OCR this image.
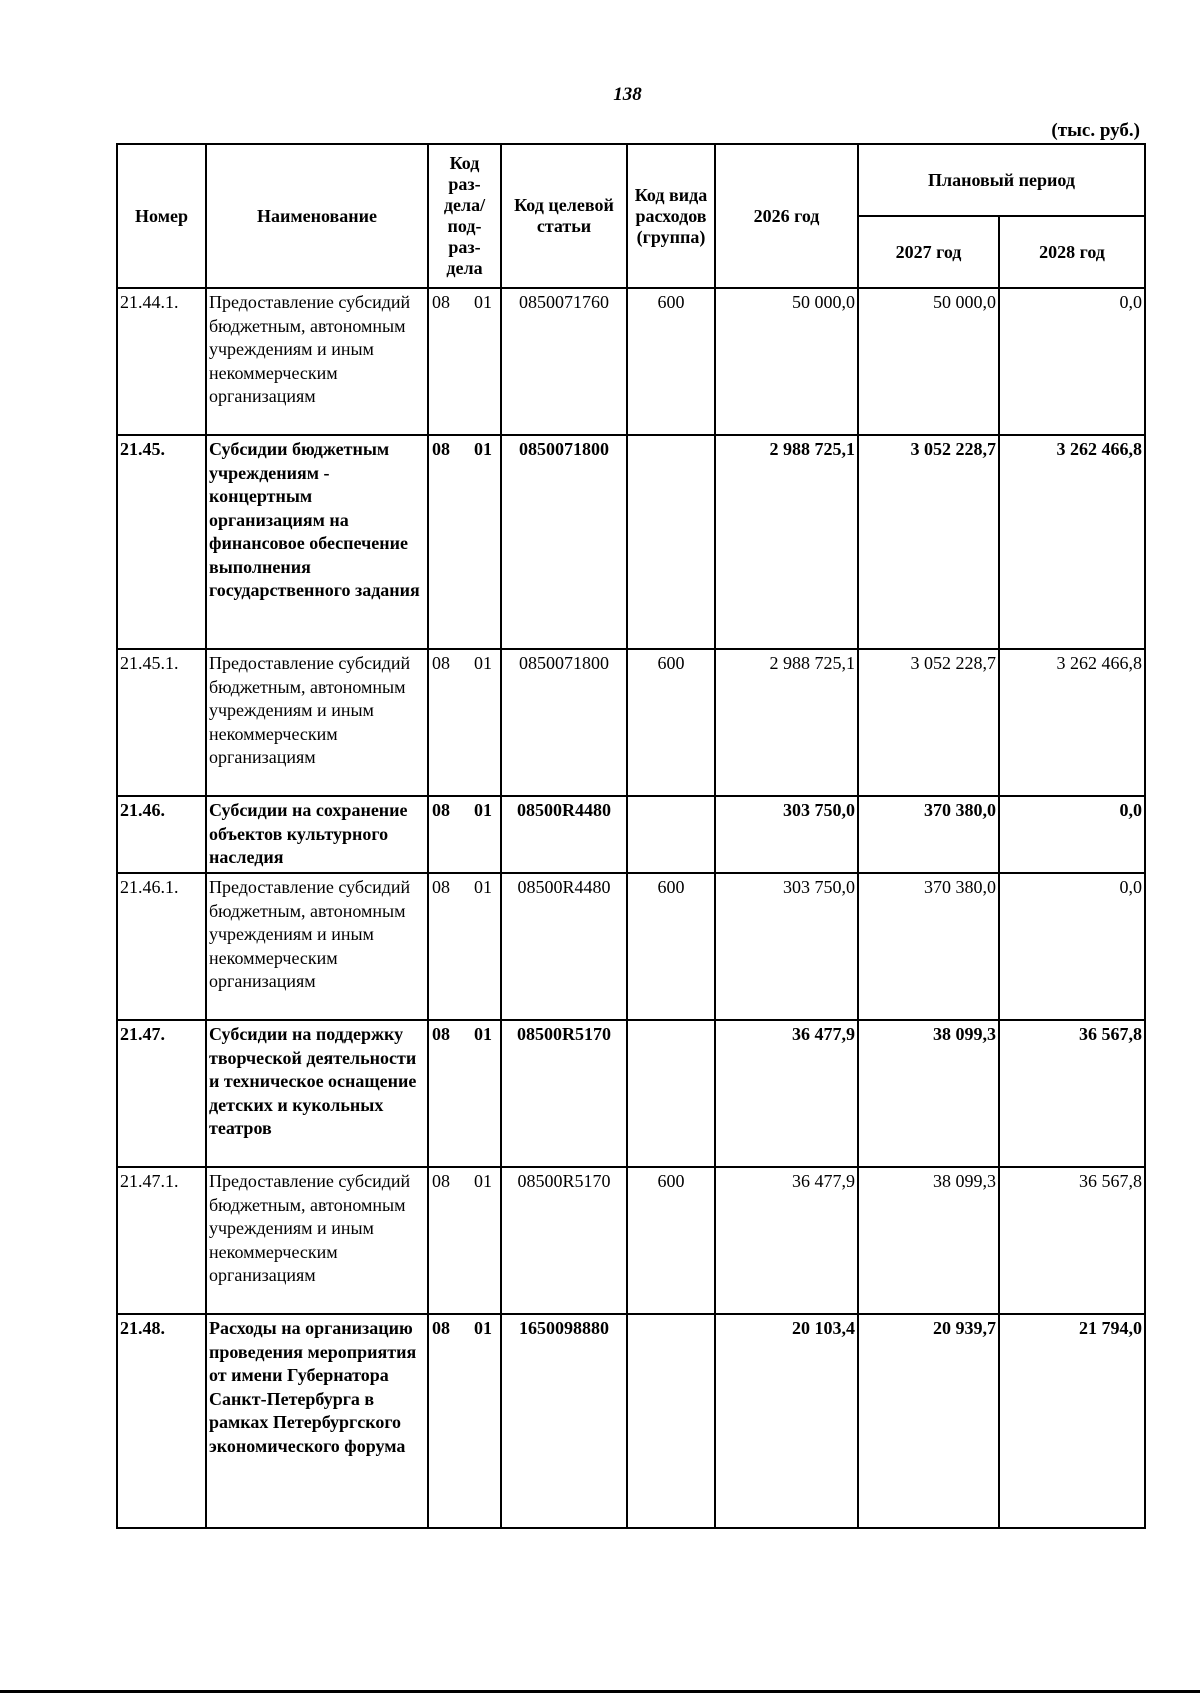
138
(тыс. руб.)
Номер	Наименование	Код раз-дела/ под-раз-дела	Код целевой статьи	Код вида расходов (группа)	2026 год	Плановый период	
						2027 год	2028 год
21.44.1.	Предоставление субсидий бюджетным, автономным учреждениям и иным некоммерческим организациям	08 01	0850071760	600	50 000,0	50 000,0	0,0
21.45.	Субсидии бюджетным учреждениям - концертным организациям на финансовое обеспечение выполнения государственного задания	08 01	0850071800		2 988 725,1	3 052 228,7	3 262 466,8
21.45.1.	Предоставление субсидий бюджетным, автономным учреждениям и иным некоммерческим организациям	08 01	0850071800	600	2 988 725,1	3 052 228,7	3 262 466,8
21.46.	Субсидии на сохранение объектов культурного наследия	08 01	08500R4480		303 750,0	370 380,0	0,0
21.46.1.	Предоставление субсидий бюджетным, автономным учреждениям и иным некоммерческим организациям	08 01	08500R4480	600	303 750,0	370 380,0	0,0
21.47.	Субсидии на поддержку творческой деятельности и техническое оснащение детских и кукольных театров	08 01	08500R5170		36 477,9	38 099,3	36 567,8
21.47.1.	Предоставление субсидий бюджетным, автономным учреждениям и иным некоммерческим организациям	08 01	08500R5170	600	36 477,9	38 099,3	36 567,8
21.48.	Расходы на организацию проведения мероприятия от имени Губернатора Санкт-Петербурга в рамках Петербургского экономического форума	08 01	1650098880		20 103,4	20 939,7	21 794,0
